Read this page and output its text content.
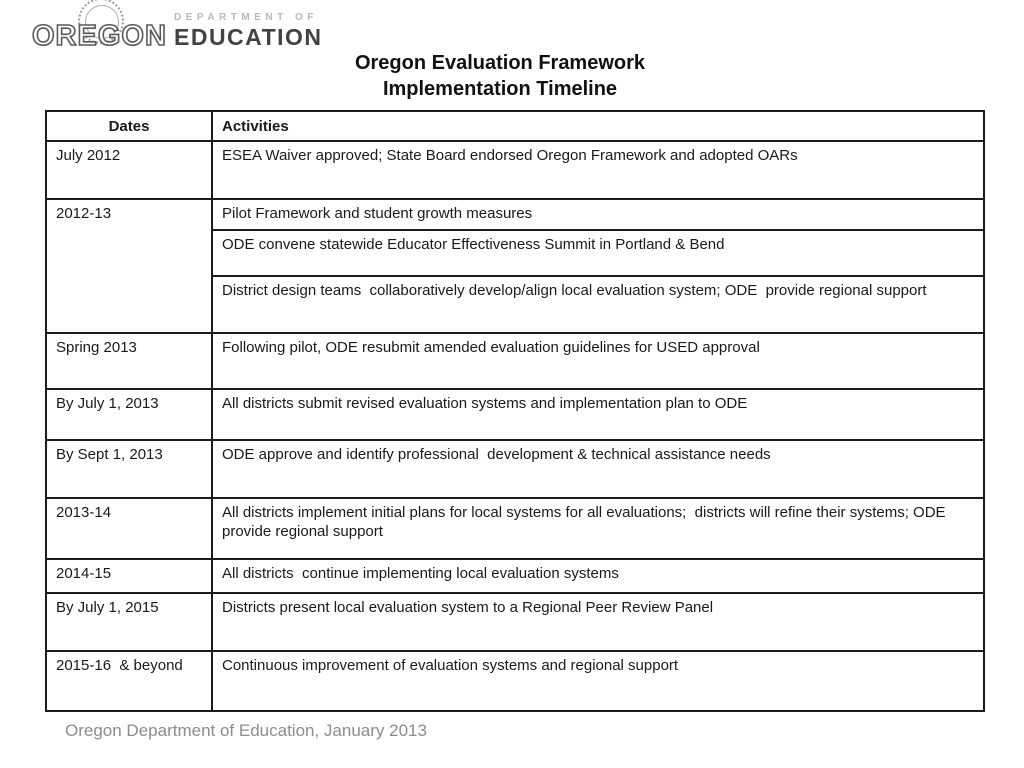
OREGON
DEPARTMENT OF
EDUCATION
Oregon Evaluation Framework
Implementation Timeline
Dates	Activities
July 2012	ESEA Waiver approved; State Board endorsed Oregon Framework and adopted OARs
2012-13	Pilot Framework and student growth measures
	ODE convene statewide Educator Effectiveness Summit in Portland & Bend
	District design teams  collaboratively develop/align local evaluation system; ODE  provide regional support
Spring 2013	Following pilot, ODE resubmit amended evaluation guidelines for USED approval
By July 1, 2013	All districts submit revised evaluation systems and implementation plan to ODE
By Sept 1, 2013	ODE approve and identify professional  development & technical assistance needs
2013-14	All districts implement initial plans for local systems for all evaluations;  districts will refine their systems; ODE provide regional support
2014-15	All districts  continue implementing local evaluation systems
By July 1, 2015	Districts present local evaluation system to a Regional Peer Review Panel
2015-16  & beyond	Continuous improvement of evaluation systems and regional support
Oregon Department of Education, January 2013
